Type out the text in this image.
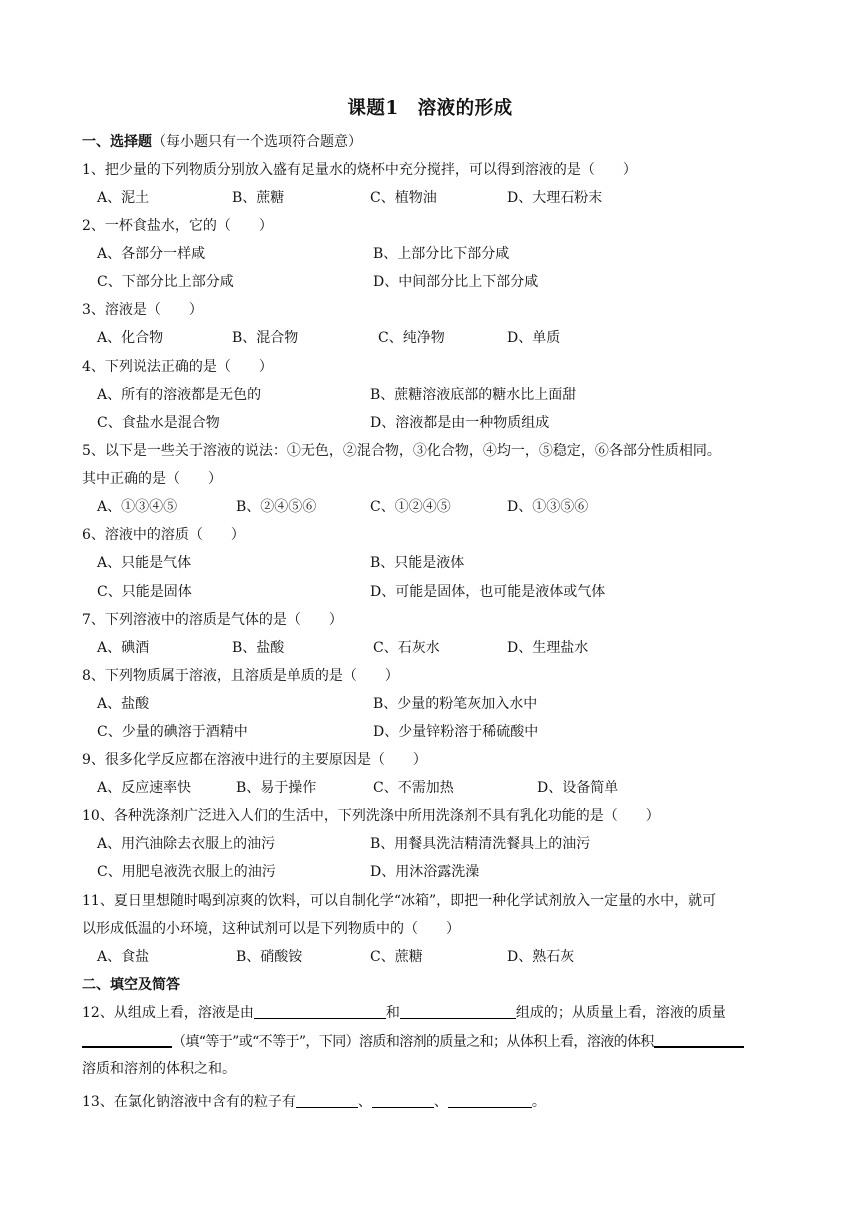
课题1　溶液的形成
一、选择题（每小题只有一个选项符合题意）
1、把少量的下列物质分别放入盛有足量水的烧杯中充分搅拌，可以得到溶液的是（　　）
A、泥土	B、蔗糖	C、植物油	D、大理石粉末
2、一杯食盐水，它的（　　）
A、各部分一样咸	B、上部分比下部分咸
C、下部分比上部分咸	D、中间部分比上下部分咸
3、溶液是（　　）
A、化合物	B、混合物	C、纯净物	D、单质
4、下列说法正确的是（　　）
A、所有的溶液都是无色的	B、蔗糖溶液底部的糖水比上面甜
C、食盐水是混合物	D、溶液都是由一种物质组成
5、以下是一些关于溶液的说法：①无色，②混合物，③化合物，④均一，⑤稳定，⑥各部分性质相同。
其中正确的是（　　）
A、①③④⑤	B、②④⑤⑥	C、①②④⑤	D、①③⑤⑥
6、溶液中的溶质（　　）
A、只能是气体	B、只能是液体
C、只能是固体	D、可能是固体，也可能是液体或气体
7、下列溶液中的溶质是气体的是（　　）
A、碘酒	B、盐酸	C、石灰水	D、生理盐水
8、下列物质属于溶液，且溶质是单质的是（　　）
A、盐酸	B、少量的粉笔灰加入水中
C、少量的碘溶于酒精中	D、少量锌粉溶于稀硫酸中
9、很多化学反应都在溶液中进行的主要原因是（　　）
A、反应速率快	B、易于操作	C、不需加热	D、设备简单
10、各种洗涤剂广泛进入人们的生活中，下列洗涤中所用洗涤剂不具有乳化功能的是（　　）
A、用汽油除去衣服上的油污	B、用餐具洗洁精清洗餐具上的油污
C、用肥皂液洗衣服上的油污	D、用沐浴露洗澡
11、夏日里想随时喝到凉爽的饮料，可以自制化学“冰箱”，即把一种化学试剂放入一定量的水中，就可
以形成低温的小环境，这种试剂可以是下列物质中的（　　）
A、食盐	B、硝酸铵	C、蔗糖	D、熟石灰
二、填空及简答
12、从组成上看，溶液是由	和	组成的；从质量上看，溶液的质量
（填“等于”或“不等于”，下同）溶质和溶剂的质量之和；从体积上看，溶液的体积
溶质和溶剂的体积之和。
13、在氯化钠溶液中含有的粒子有	、	、	。
